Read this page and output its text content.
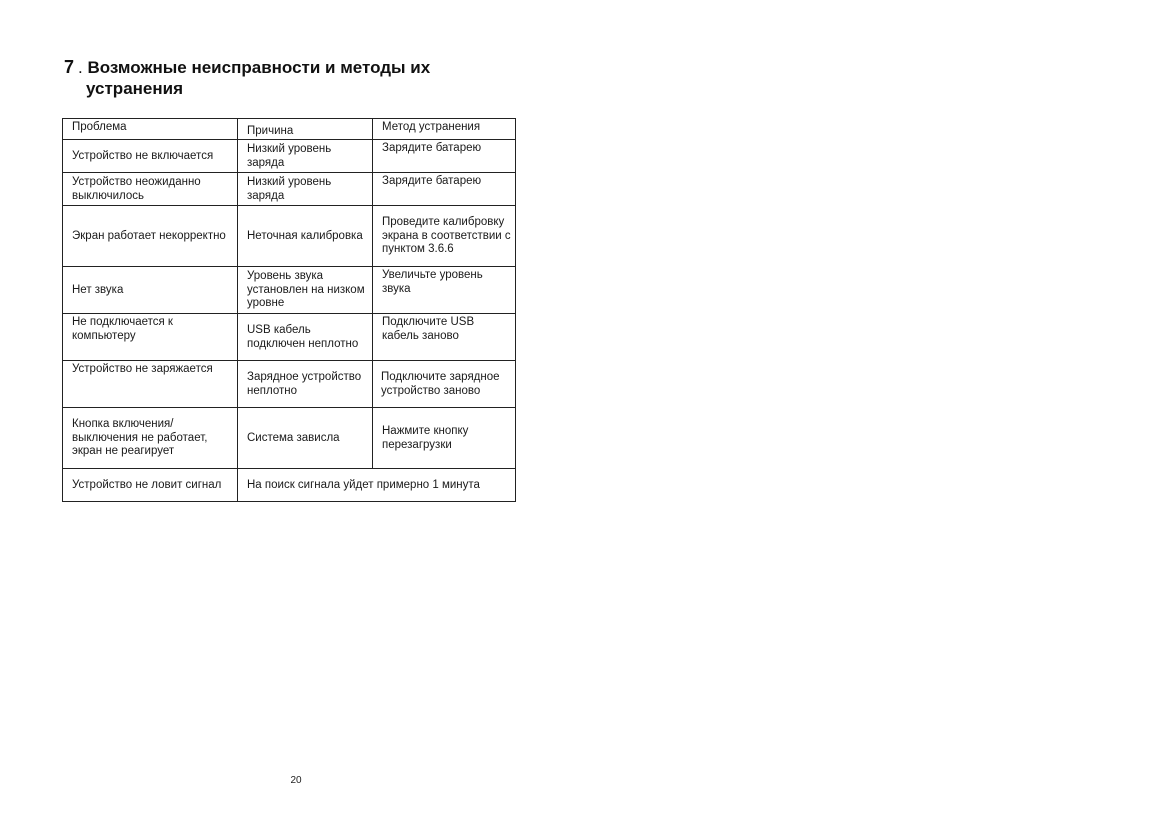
7 . Возможные неисправности и методы их
устранения
Проблема	Причина	Метод устранения
Устройство не включается	Низкий уровень заряда	Зарядите батарею
Устройство неожиданно выключилось	Низкий уровень заряда	Зарядите батарею
Экран работает некорректно	Неточная калибровка	Проведите калибровку экрана в соответствии с пунктом 3.6.6
Нет звука	Уровень звука установлен на низком уровне	Увеличьте уровень звука
Не подключается к компьютеру	USB кабель подключен неплотно	Подключите USB кабель заново
Устройство не заряжается	Зарядное устройство неплотно	Подключите зарядное устройство заново
Кнопка включения/выключения не работает, экран не реагирует	Система зависла	Нажмите кнопку перезагрузки
Устройство не ловит сигнал	На поиск сигнала уйдет примерно 1 минута	
20
